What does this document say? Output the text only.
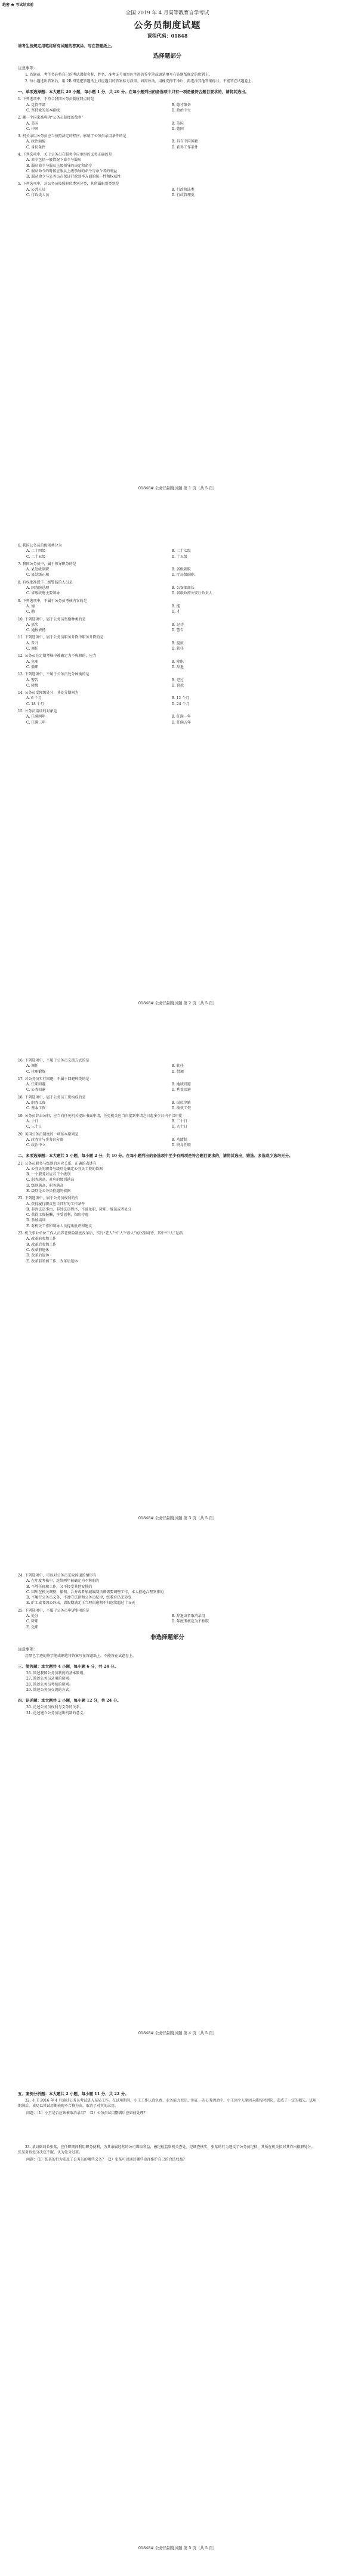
绝密 ★ 考试结束前
全国 2019 年 4 月高等教育自学考试
公务员制度试题
课程代码：01848
请考生按规定用笔将所有试题的答案涂、写在答题纸上。
选择题部分
注意事项：
1. 答题前，考生务必将自己的考试课程名称、姓名、准考证号用黑色字迹的签字笔或钢笔填写在答题纸规定的位置上。
2. 每小题选出答案后，用 2B 铅笔把答题纸上对应题目的答案标号涂黑。如需改动，用橡皮擦干净后，再选涂其他答案标号。不能答在试题卷上。
一、单项选择题：本大题共 20 小题，每小题 1 分，共 20 分。在每小题列出的备选项中只有一项是最符合题目要求的，请将其选出。
1. 下列选项中，不符合我国公务员制度特点的是
A. 党管干部	B. 德才兼备
C. 坚持党的基本路线	D. 政治中立
2. 哪一个国家被称为“公务员制度的故乡”
A. 美国	B. 英国
C. 中国	D. 德国
3. 机关录用公务员应当按照法定的程序，影响了公务员录用条件的是
A. 政治面貌	B. 具有中国国籍
C. 身份条件	D. 获得工作条件
4. 下列选项中，关于公务员在服务中应承担的义务正确的是
A. 命令包括一般情况下命令与服从
B. 服从命令与服从上级领导的决定和命令
C. 服从命令的时候应服从上级领导的命令与命令者的利益
D. 服从命令与公务员在保证行政效率方面的统一性和权威性
5. 下列选项中，对公务员按照职位类别分类，其所属职别类别是
A. 公共人员	B. 行政执法类
C. 行政类人员	D. 行政管理类
01848# 公务员制度试题 第 1 页（共 5 页）
6. 我国公务员的级别共分为
A. 二十四级	B. 二十七级
C. 二十五级	D. 十五级
7. 我国公务员中，属于领导职务的是
A. 县处级副职	B. 省级副职
C. 县处级正职	D. 厅局级副职
8. 有权批准授予二级警监的人员是
A. 国务院总理	B. 公安部部长
C. 省级政府主要领导	D. 省级政府公安厅负责人
9. 下列选项中，不属于公务员考核内容的是
A. 德	B. 能
C. 勤	D. 才
10. 下列选项中，属于公务员奖励种类的是
A. 嘉奖	B. 记功
C. 通报表扬	D. 警告
11. 下列选项中，属于公务员职务升降中职务升降的是
A. 晋升	B. 提拔
C. 调任	D. 转任
12. 公务员在定期考核中被确定为不称职的，应当
A. 免职	B. 降职
C. 撤职	D. 辞退
13. 下列选项中，不属于公务员处分种类的是
A. 警告	B. 记过
C. 降级	D. 罚款
14. 公务员受降级处分，其处分期间为
A. 6 个月	B. 12 个月
C. 18 个月	D. 24 个月
15. 公务员培训的对象是
A. 任满两年	B. 任满一年
C. 任满三年	D. 任满五年
01848# 公务员制度试题 第 2 页（共 5 页）
16. 下列选项中，不属于公务员交流方式的是
A. 调任	B. 转任
C. 挂职锻炼	D. 借调
17. 对公务员实行回避，不属于回避种类的是
A. 任职回避	B. 地域回避
C. 公务回避	D. 利益回避
18. 下列选项中，属于公务员工资构成的是
A. 职务工资	B. 岗位津贴
C. 基本工资	D. 绩效工资
19. 公务员辞去公职，应当向任免机关提出书面申请，任免机关应当自接到申请之日起多少日内予以审批
A. 十日	B. 二十日
C. 三十日	D. 九十日
20. 英国公务员制度的一项基本原则是
A. 政务官与事务官分离	B. 功绩制
C. 政治中立	D. 终身任职
二、多项选择题：本大题共 5 小题，每小题 2 分，共 10 分。在每小题列出的备选项中至少有两项是符合题目要求的，请将其选出，错选、多选或少选均无分。
21. 公务员职务与级别的对应关系，正确的表述有
A. 公务员的职务与级别是确定公务员工资的依据
B. 一个职务对应若干个级别
C. 职务越高，对应的级别越高
D. 级别越高，职务越高
E. 级别是公务员待遇的依据
22. 下列选项中，属于公务员权利的有
A. 获得履行职责应当具有的工作条件
B. 非因法定事由、非经法定程序，不被免职、降职、辞退或者处分
C. 获得工资报酬，享受福利、保险待遇
D. 参加培训
E. 对机关工作和领导人员提出批评和建议
23. 机关事业单位工作人员养老保险制度改革后，实行“老人”“中人”“新人”的区别对待，其中“中人”是指
A. 改革前参加工作
B. 改革后参加工作
C. 改革前退休
D. 改革后退休
E. 改革前参加工作、改革后退休
01848# 公务员制度试题 第 3 页（共 5 页）
24. 下列选项中，可以对公务员采取辞退的情形有
A. 在年度考核中，连续两年被确定为不称职的
B. 不胜任现职工作，又不接受其他安排的
C. 因所在机关调整、撤销、合并或者缩减编制员额需要调整工作，本人拒绝合理安排的
D. 不履行公务员义务，不遵守法律和公务员纪律，经教育仍无转变
E. 旷工或者因公外出、请假期满无正当理由逾期不归连续超过十五天
25. 下列选项中，不属于公务员申诉事项的是
A. 处分	B. 辞退或者取消录用
C. 降职	D. 年度考核定为不称职
E. 免职
非选择题部分
注意事项：
用黑色字迹的签字笔或钢笔将答案写在答题纸上，不能答在试题卷上。
三、简答题：本大题共 4 小题，每小题 6 分，共 24 分。
26. 简述我国公务员制度的基本原则。
27. 简述公务员录用的原则。
28. 简述公务员考核的原则。
29. 简述公务员交流的方式。
四、论述题：本大题共 2 小题，每小题 12 分，共 24 分。
30. 论述公务员权利与义务的关系。
31. 论述建立公务员退出机制的意义。
01848# 公务员制度试题 第 4 页（共 5 页）
五、案例分析题：本大题共 2 小题，每小题 11 分，共 22 分。
32. 小王 2016 年 4 月通过公务员考试进入某局工作。在试用期间，小王工作认真负责，业务能力突出，但在一次公务活动中，小王因个人原因未能按时到岗，造成了一定的损失。试用期满后，该局以其试用期表现不合格为由，取消了对其的录用。
问题：（1）小王是否应该被取消录用？（2）公务员试用期满后应如何处理？
33. 某局副局长张某，在任职期间利用职务便利，为其亲属经营的公司谋取利益，被纪检监察机关查处。经调查核实，张某的行为违反了公务员纪律，其所在机关拟对其作出撤职处分。张某对该处分决定不服，认为处分过重。
问题：（1）张某的行为违反了公务员的哪些义务？（2）张某可以通过哪些途径维护自己的合法权益？
01848# 公务员制度试题 第 5 页（共 5 页）
